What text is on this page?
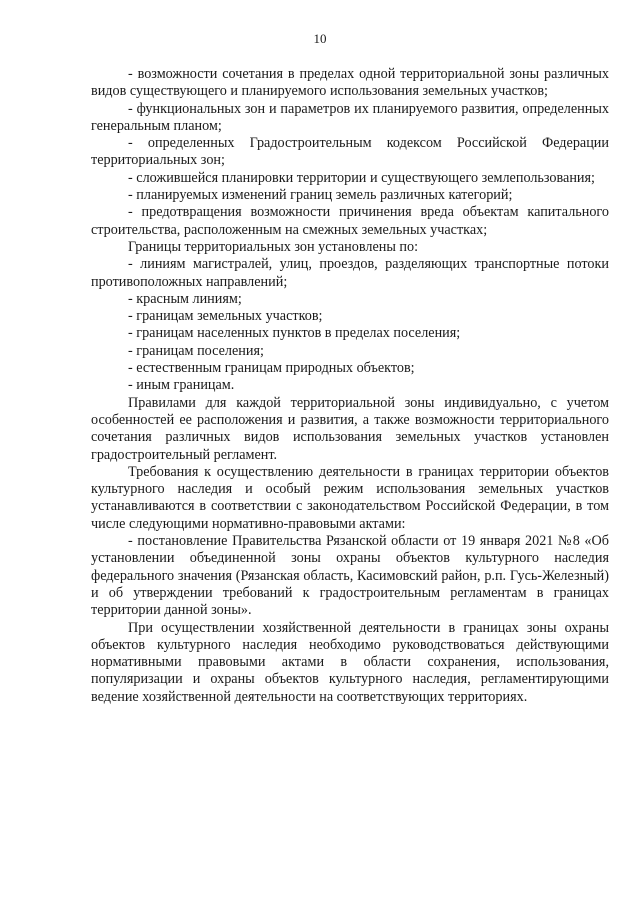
10

- возможности сочетания в пределах одной территориальной зоны различных видов существующего и планируемого использования земельных участков;

- функциональных зон и параметров их планируемого развития, определенных генеральным планом;

- определенных Градостроительным кодексом Российской Федерации территориальных зон;

- сложившейся планировки территории и существующего землепользования;

- планируемых изменений границ земель различных категорий;

- предотвращения возможности причинения вреда объектам капитального строительства, расположенным на смежных земельных участках;

Границы территориальных зон установлены по:

- линиям магистралей, улиц, проездов, разделяющих транспортные потоки противоположных направлений;

- красным линиям;

- границам земельных участков;

- границам населенных пунктов в пределах поселения;

- границам поселения;

- естественным границам природных объектов;

- иным границам.

Правилами для каждой территориальной зоны индивидуально, с учетом особенностей ее расположения и развития, а также возможности территориального сочетания различных видов использования земельных участков установлен градостроительный регламент.

Требования к осуществлению деятельности в границах территории объектов культурного наследия и особый режим использования земельных участков устанавливаются в соответствии с законодательством Российской Федерации, в том числе следующими нормативно-правовыми актами:

- постановление Правительства Рязанской области от 19 января 2021 №8 «Об установлении объединенной зоны охраны объектов культурного наследия федерального значения (Рязанская область, Касимовский район, р.п. Гусь-Железный) и об утверждении требований к градостроительным регламентам в границах территории данной зоны».

При осуществлении хозяйственной деятельности в границах зоны охраны объектов культурного наследия необходимо руководствоваться действующими нормативными правовыми актами в области сохранения, использования, популяризации и охраны объектов культурного наследия, регламентирующими ведение хозяйственной деятельности на соответствующих территориях.
